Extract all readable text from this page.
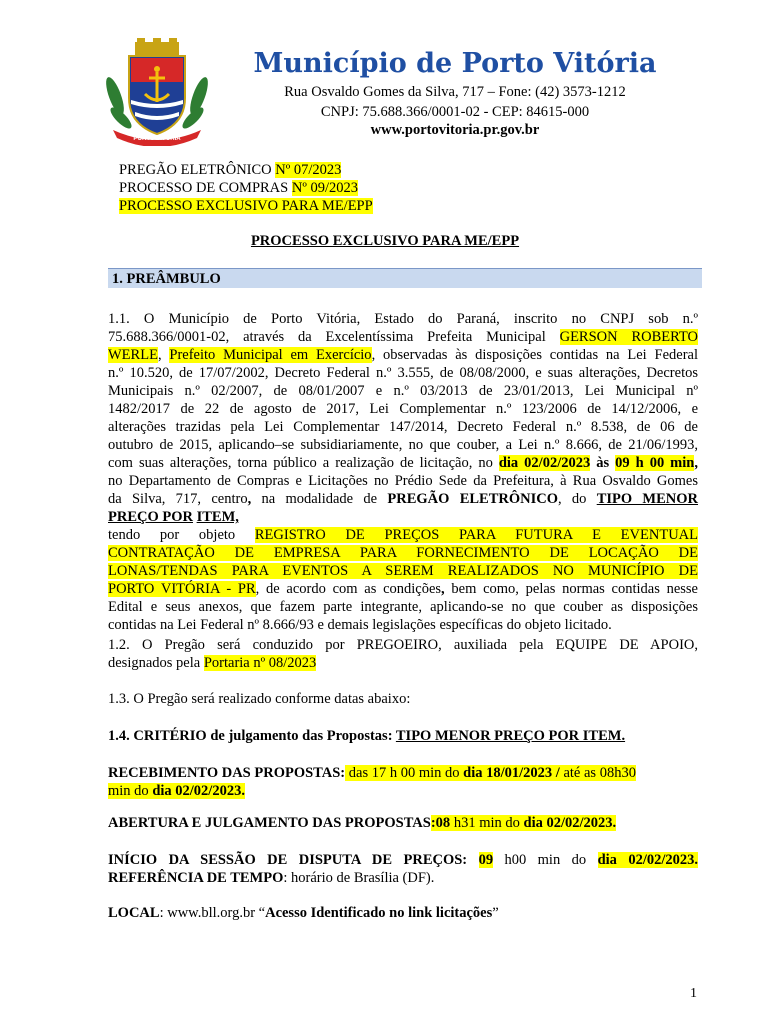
PORTO VITÓRIA
Município de Porto Vitória
Rua Osvaldo Gomes da Silva, 717 – Fone: (42) 3573-1212
CNPJ: 75.688.366/0001-02 - CEP: 84615-000
www.portovitoria.pr.gov.br
PREGÃO ELETRÔNICO Nº 07/2023
PROCESSO DE COMPRAS Nº 09/2023
PROCESSO EXCLUSIVO PARA ME/EPP
PROCESSO EXCLUSIVO PARA ME/EPP
1. PREÂMBULO
1.1. O Município de Porto Vitória, Estado do Paraná, inscrito no CNPJ sob n.º
75.688.366/0001-02, através da Excelentíssima Prefeita Municipal GERSON ROBERTO
WERLE, Prefeito Municipal em Exercício, observadas às disposições contidas na Lei Federal
n.º 10.520, de 17/07/2002, Decreto Federal n.º 3.555, de 08/08/2000, e suas alterações, Decretos
Municipais n.º 02/2007, de 08/01/2007 e n.º 03/2013 de 23/01/2013, Lei Municipal nº
1482/2017 de 22 de agosto de 2017, Lei Complementar n.º 123/2006 de 14/12/2006, e
alterações trazidas pela Lei Complementar 147/2014, Decreto Federal n.º 8.538, de 06 de
outubro de 2015, aplicando–se subsidiariamente, no que couber, a Lei n.º 8.666, de 21/06/1993,
com suas alterações, torna público a realização de licitação, no dia 02/02/2023 às 09 h 00 min,
no Departamento de Compras e Licitações no Prédio Sede da Prefeitura, à Rua Osvaldo Gomes
da Silva, 717, centro, na modalidade de PREGÃO ELETRÔNICO, do TIPO MENOR
PREÇO POR ITEM,
tendo por objeto REGISTRO DE PREÇOS PARA FUTURA E EVENTUAL
CONTRATAÇÃO DE EMPRESA PARA FORNECIMENTO DE LOCAÇÃO DE
LONAS/TENDAS PARA EVENTOS A SEREM REALIZADOS NO MUNICÍPIO DE
PORTO VITÓRIA - PR, de acordo com as condições, bem como, pelas normas contidas nesse
Edital e seus anexos, que fazem parte integrante, aplicando-se no que couber as disposições
contidas na Lei Federal nº 8.666/93 e demais legislações específicas do objeto licitado.
1.2. O Pregão será conduzido por PREGOEIRO, auxiliada pela EQUIPE DE APOIO,
designados pela Portaria nº 08/2023
1.3. O Pregão será realizado conforme datas abaixo:
1.4. CRITÉRIO de julgamento das Propostas: TIPO MENOR PREÇO POR ITEM.
RECEBIMENTO DAS PROPOSTAS: das 17 h 00 min do dia 18/01/2023 / até as 08h30
min do dia 02/02/2023.
ABERTURA E JULGAMENTO DAS PROPOSTAS:08 h31 min do dia 02/02/2023.
INÍCIO DA SESSÃO DE DISPUTA DE PREÇOS: 09 h00 min do dia 02/02/2023.
REFERÊNCIA DE TEMPO: horário de Brasília (DF).
LOCAL: www.bll.org.br “Acesso Identificado no link licitações”
1
